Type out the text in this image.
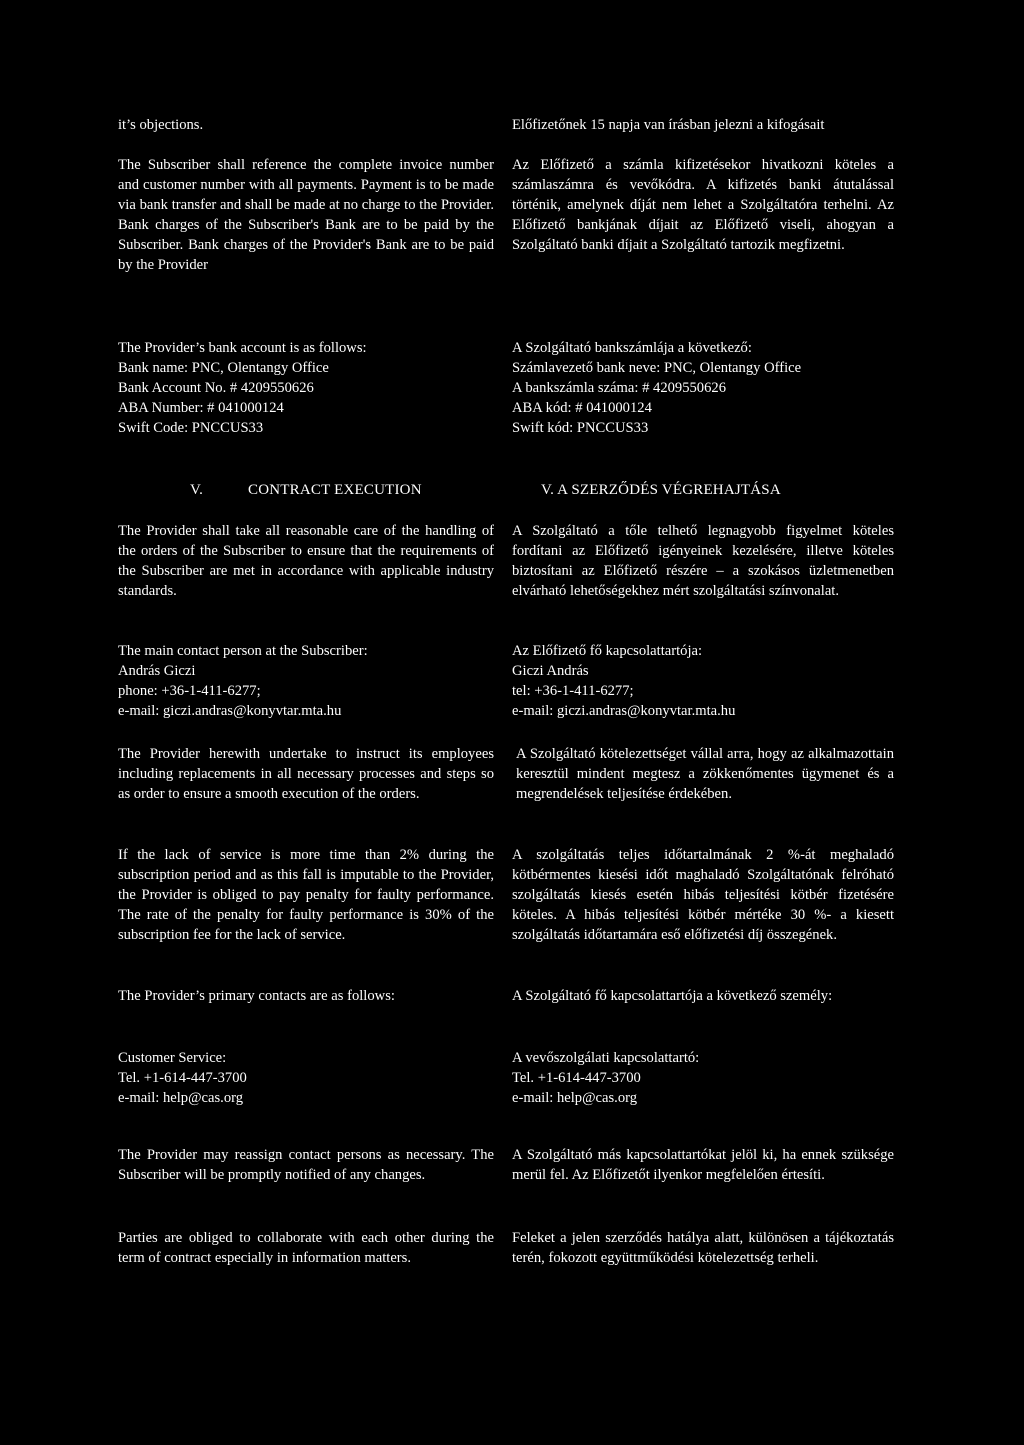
it’s objections.	Előfizetőnek 15 napja van írásban jelezni a kifogásait

The Subscriber shall reference the complete invoice number and customer number with all payments. Payment is to be made via bank transfer and shall be made at no charge to the Provider. Bank charges of the Subscriber's Bank are to be paid by the Subscriber. Bank charges of the Provider's Bank are to be paid by the Provider

Az Előfizető a számla kifizetésekor hivatkozni köteles a számlaszámra és vevőkódra. A kifizetés banki átutalással történik, amelynek díját nem lehet a Szolgáltatóra terhelni. Az Előfizető bankjának díjait az Előfizető viseli, ahogyan a Szolgáltató banki díjait a Szolgáltató tartozik megfizetni.

The Provider’s bank account is as follows:
Bank name: PNC, Olentangy Office
Bank Account No. # 4209550626
ABA Number: # 041000124
Swift Code: PNCCUS33
A Szolgáltató bankszámlája a következő:
Számlavezető bank neve: PNC, Olentangy Office
A bankszámla száma: # 4209550626
ABA kód: # 041000124
Swift kód: PNCCUS33
V.	CONTRACT EXECUTION	V. A SZERZŐDÉS VÉGREHAJTÁSA

The Provider shall take all reasonable care of the handling of the orders of the Subscriber to ensure that the requirements of the Subscriber are met in accordance with applicable industry standards.

A Szolgáltató a tőle telhető legnagyobb figyelmet köteles fordítani az Előfizető igényeinek kezelésére, illetve köteles biztosítani az Előfizető részére – a szokásos üzletmenetben elvárható lehetőségekhez mért szolgáltatási színvonalat.

The main contact person at the Subscriber:
András Giczi
phone: +36-1-411-6277;
e-mail: giczi.andras@konyvtar.mta.hu
Az Előfizető fő kapcsolattartója:
Giczi András
tel: +36-1-411-6277;
e-mail: giczi.andras@konyvtar.mta.hu

The Provider herewith undertake to instruct its employees including replacements in all necessary processes and steps so as order to ensure a smooth execution of the orders.

A Szolgáltató kötelezettséget vállal arra, hogy az alkalmazottain keresztül mindent megtesz a zökkenőmentes ügymenet és a megrendelések teljesítése érdekében.

If the lack of service is more time than 2% during the subscription period and as this fall is imputable to the Provider, the Provider is obliged to pay penalty for faulty performance. The rate of the penalty for faulty performance is 30% of the subscription fee for the lack of service.

A szolgáltatás teljes időtartalmának 2 %-át meghaladó kötbérmentes kiesési időt maghaladó Szolgáltatónak felróható szolgáltatás kiesés esetén hibás teljesítési kötbér fizetésére köteles. A hibás teljesítési kötbér mértéke 30 %- a kiesett szolgáltatás időtartamára eső előfizetési díj összegének.

The Provider’s primary contacts are as follows:	A Szolgáltató fő kapcsolattartója a következő személy:

Customer Service:
Tel. +1-614-447-3700
e-mail: help@cas.org
A vevőszolgálati kapcsolattartó:
Tel. +1-614-447-3700
e-mail: help@cas.org

The Provider may reassign contact persons as necessary. The Subscriber will be promptly notified of any changes.

A Szolgáltató más kapcsolattartókat jelöl ki, ha ennek szüksége merül fel. Az Előfizetőt ilyenkor megfelelően értesíti.

Parties are obliged to collaborate with each other during the term of contract especially in information matters.

Feleket a jelen szerződés hatálya alatt, különösen a tájékoztatás terén, fokozott együttműködési kötelezettség terheli.
